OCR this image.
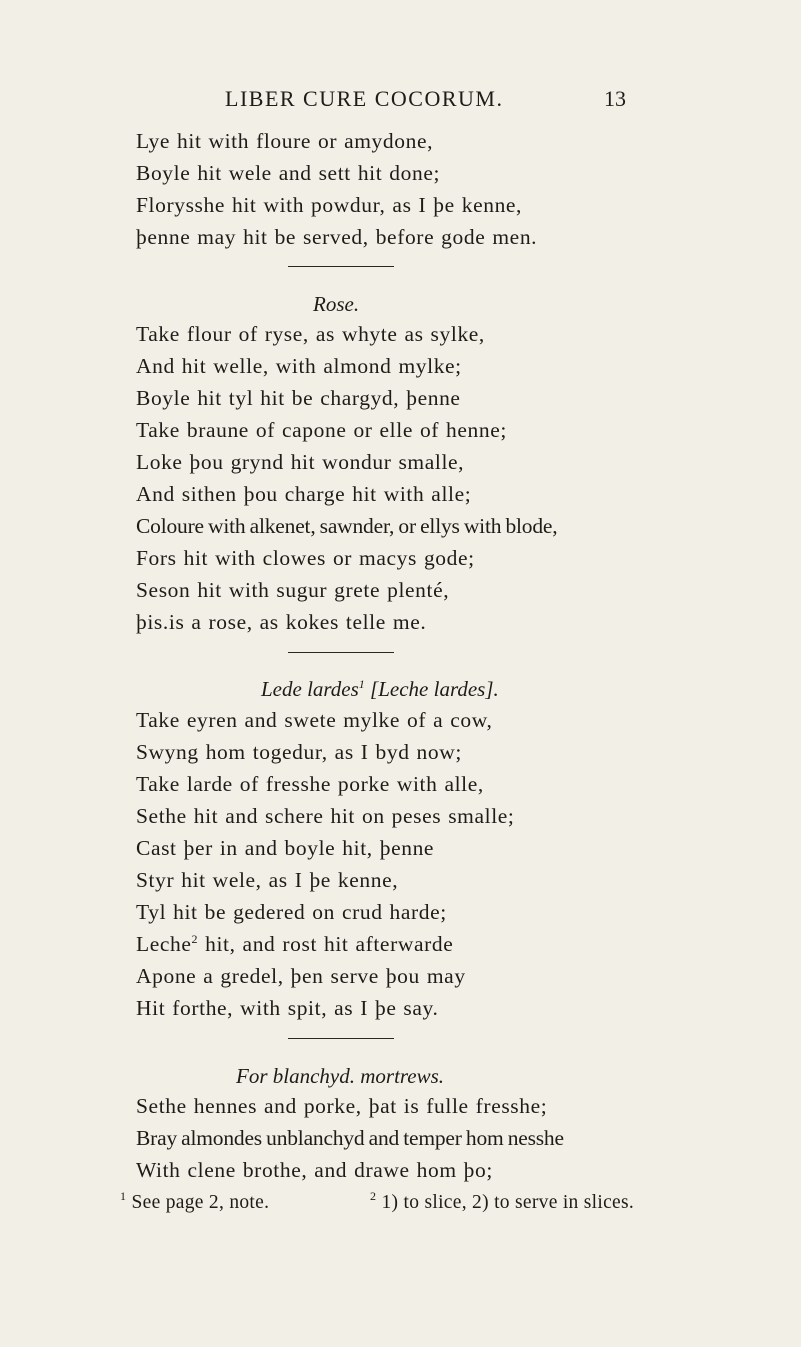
LIBER CURE COCORUM.	13
Lye hit with floure or amydone,
Boyle hit wele and sett hit done;
Florysshe hit with powdur, as I þe kenne,
þenne may hit be served, before gode men.
Rose.
Take flour of ryse, as whyte as sylke,
And hit welle, with almond mylke;
Boyle hit tyl hit be chargyd, þenne
Take braune of capone or elle of henne;
Loke þou grynd hit wondur smalle,
And sithen þou charge hit with alle;
Coloure with alkenet, sawnder, or ellys with blode,
Fors hit with clowes or macys gode;
Seson hit with sugur grete plenté,
þis.is a rose, as kokes telle me.
Lede lardes$^1$ [Leche lardes].
Take eyren and swete mylke of a cow,
Swyng hom togedur, as I byd now;
Take larde of fresshe porke with alle,
Sethe hit and schere hit on peses smalle;
Cast þer in and boyle hit, þenne
Styr hit wele, as I þe kenne,
Tyl hit be gedered on crud harde;
Leche$^2$ hit, and rost hit afterwarde
Apone a gredel, þen serve þou may
Hit forthe, with spit, as I þe say.
For blanchyd. mortrews.
Sethe hennes and porke, þat is fulle fresshe;
Bray almondes unblanchyd and temper hom nesshe
With clene brothe, and drawe hom þo;
$^1$ See page 2, note.	$^2$ 1) to slice, 2) to serve in slices.
